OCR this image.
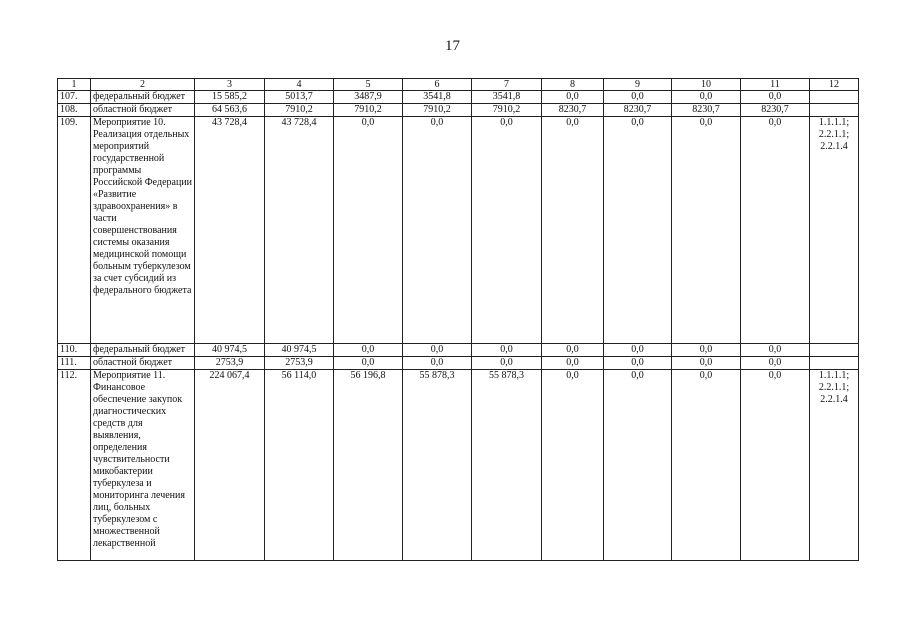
17
1	2	3	4	5	6	7	8	9	10	11	12
107.	федеральный бюджет	15 585,2	5013,7	3487,9	3541,8	3541,8	0,0	0,0	0,0	0,0	
108.	областной бюджет	64 563,6	7910,2	7910,2	7910,2	7910,2	8230,7	8230,7	8230,7	8230,7	
109.	Мероприятие 10. Реализация отдельных мероприятий государственной программы Российской Федерации «Развитие здравоохранения» в части совершенствования системы оказания медицинской помощи больным туберкулезом за счет субсидий из федерального бюджета	43 728,4	43 728,4	0,0	0,0	0,0	0,0	0,0	0,0	0,0	1.1.1.1; 2.2.1.1; 2.2.1.4
110.	федеральный бюджет	40 974,5	40 974,5	0,0	0,0	0,0	0,0	0,0	0,0	0,0	
111.	областной бюджет	2753,9	2753,9	0,0	0,0	0,0	0,0	0,0	0,0	0,0	
112.	Мероприятие 11. Финансовое обеспечение закупок диагностических средств для выявления, определения чувствительности микобактерии туберкулеза и мониторинга лечения лиц, больных туберкулезом с множественной лекарственной	224 067,4	56 114,0	56 196,8	55 878,3	55 878,3	0,0	0,0	0,0	0,0	1.1.1.1; 2.2.1.1; 2.2.1.4
